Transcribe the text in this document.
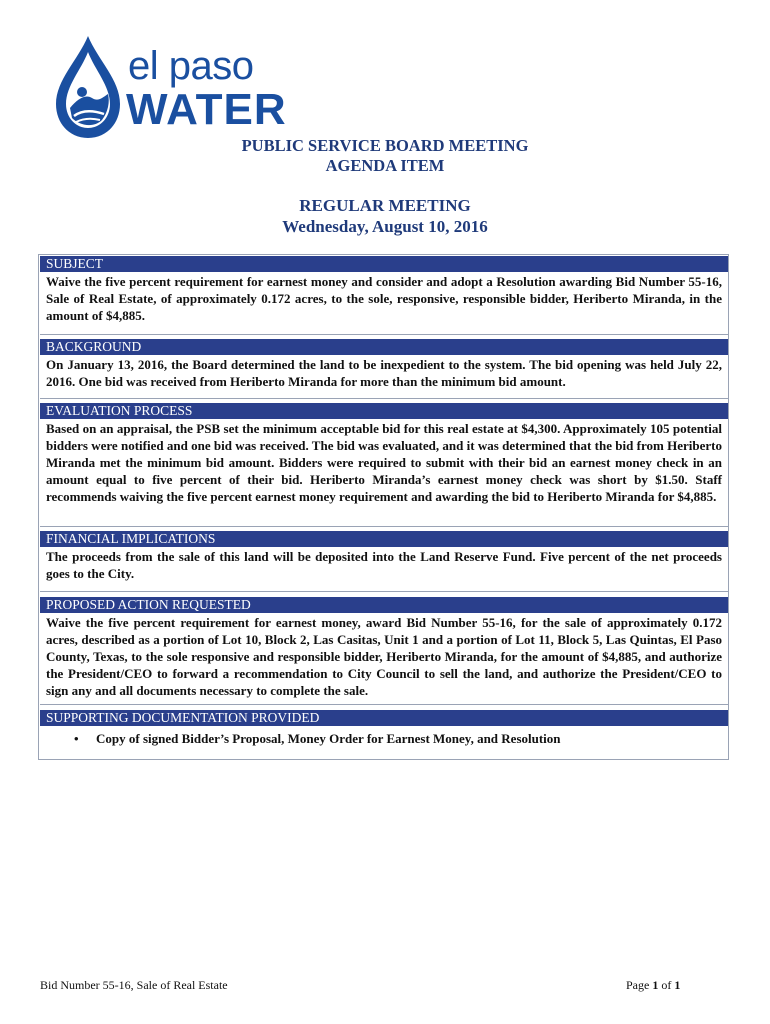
el paso
WATER
PUBLIC SERVICE BOARD MEETING
AGENDA ITEM
REGULAR MEETING
Wednesday, August 10, 2016
SUBJECT
Waive the five percent requirement for earnest money and consider and adopt a Resolution awarding Bid Number 55-16, Sale of Real Estate, of approximately 0.172 acres, to the sole, responsive, responsible bidder, Heriberto Miranda, in the amount of $4,885.
BACKGROUND
On January 13, 2016, the Board determined the land to be inexpedient to the system. The bid opening was held July 22, 2016. One bid was received from Heriberto Miranda for more than the minimum bid amount.
EVALUATION PROCESS
Based on an appraisal, the PSB set the minimum acceptable bid for this real estate at $4,300. Approximately 105 potential bidders were notified and one bid was received. The bid was evaluated, and it was determined that the bid from Heriberto Miranda met the minimum bid amount. Bidders were required to submit with their bid an earnest money check in an amount equal to five percent of their bid. Heriberto Miranda’s earnest money check was short by $1.50. Staff recommends waiving the five percent earnest money requirement and awarding the bid to Heriberto Miranda for $4,885.
FINANCIAL IMPLICATIONS
The proceeds from the sale of this land will be deposited into the Land Reserve Fund. Five percent of the net proceeds goes to the City.
PROPOSED ACTION REQUESTED
Waive the five percent requirement for earnest money, award Bid Number 55-16, for the sale of approximately 0.172 acres, described as a portion of Lot 10, Block 2, Las Casitas, Unit 1 and a portion of Lot 11, Block 5, Las Quintas, El Paso County, Texas, to the sole responsive and responsible bidder, Heriberto Miranda, for the amount of $4,885, and authorize the President/CEO to forward a recommendation to City Council to sell the land, and authorize the President/CEO to sign any and all documents necessary to complete the sale.
SUPPORTING DOCUMENTATION PROVIDED
•	Copy of signed Bidder’s Proposal, Money Order for Earnest Money, and Resolution
Bid Number 55-16, Sale of Real Estate	Page 1 of 1
